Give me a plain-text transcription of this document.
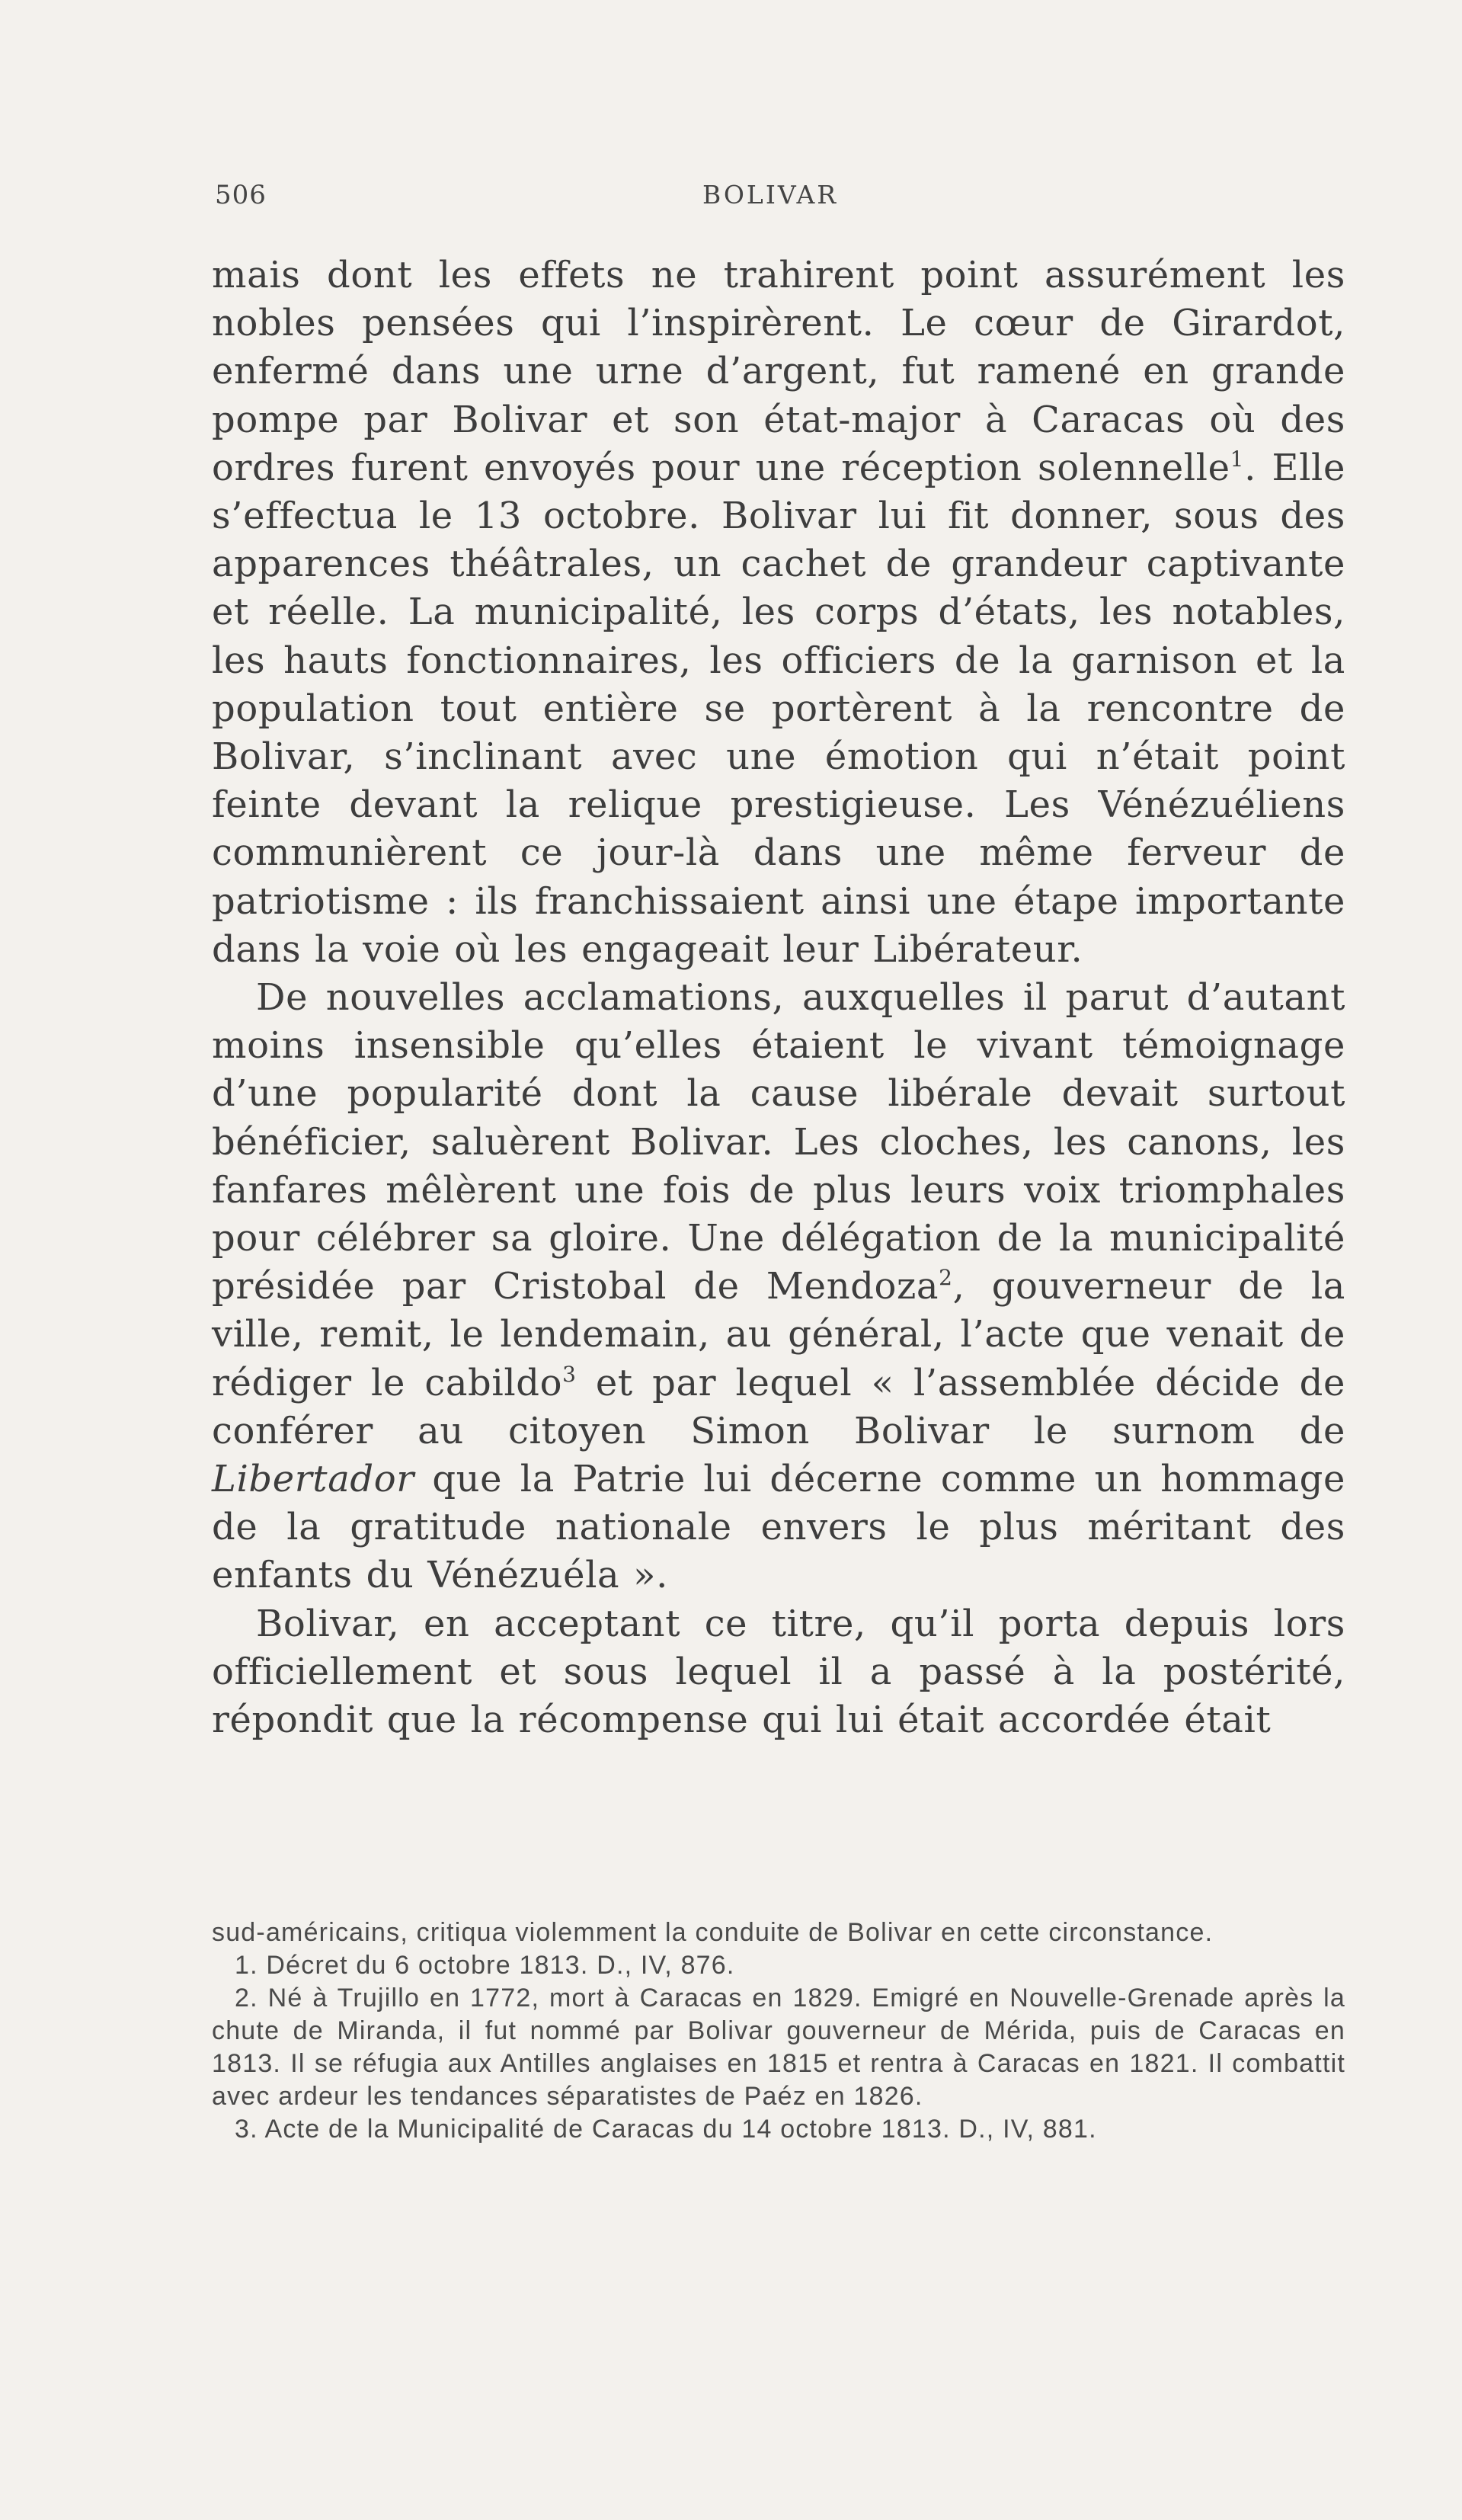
506	BOLIVAR

mais dont les effets ne trahirent point assurément les nobles pensées qui l’inspirèrent. Le cœur de Girardot, enfermé dans une urne d’argent, fut ramené en grande pompe par Bolivar et son état-major à Caracas où des ordres furent envoyés pour une réception solennelle$^1$. Elle s’effectua le 13 octobre. Bolivar lui fit donner, sous des apparences théâtrales, un cachet de grandeur captivante et réelle. La municipalité, les corps d’états, les notables, les hauts fonctionnaires, les officiers de la garnison et la population tout entière se portèrent à la rencontre de Bolivar, s’inclinant avec une émotion qui n’était point feinte devant la relique prestigieuse. Les Vénézuéliens communièrent ce jour-là dans une même ferveur de patriotisme : ils franchissaient ainsi une étape importante dans la voie où les engageait leur Libérateur.

De nouvelles acclamations, auxquelles il parut d’autant moins insensible qu’elles étaient le vivant témoignage d’une popularité dont la cause libérale devait surtout bénéficier, saluèrent Bolivar. Les cloches, les canons, les fanfares mêlèrent une fois de plus leurs voix triomphales pour célébrer sa gloire. Une délégation de la municipalité présidée par Cristobal de Mendoza$^2$, gouverneur de la ville, remit, le lendemain, au général, l’acte que venait de rédiger le cabildo$^3$ et par lequel « l’assemblée décide de conférer au citoyen Simon Bolivar le surnom de Libertador que la Patrie lui décerne comme un hommage de la gratitude nationale envers le plus méritant des enfants du Vénézuéla ».

Bolivar, en acceptant ce titre, qu’il porta depuis lors officiellement et sous lequel il a passé à la postérité, répondit que la récompense qui lui était accordée était

sud-américains, critiqua violemment la conduite de Bolivar en cette circonstance.

1. Décret du 6 octobre 1813. D., IV, 876.

2. Né à Trujillo en 1772, mort à Caracas en 1829. Emigré en Nouvelle-Grenade après la chute de Miranda, il fut nommé par Bolivar gouverneur de Mérida, puis de Caracas en 1813. Il se réfugia aux Antilles anglaises en 1815 et rentra à Caracas en 1821. Il combattit avec ardeur les tendances séparatistes de Paéz en 1826.

3. Acte de la Municipalité de Caracas du 14 octobre 1813. D., IV, 881.
